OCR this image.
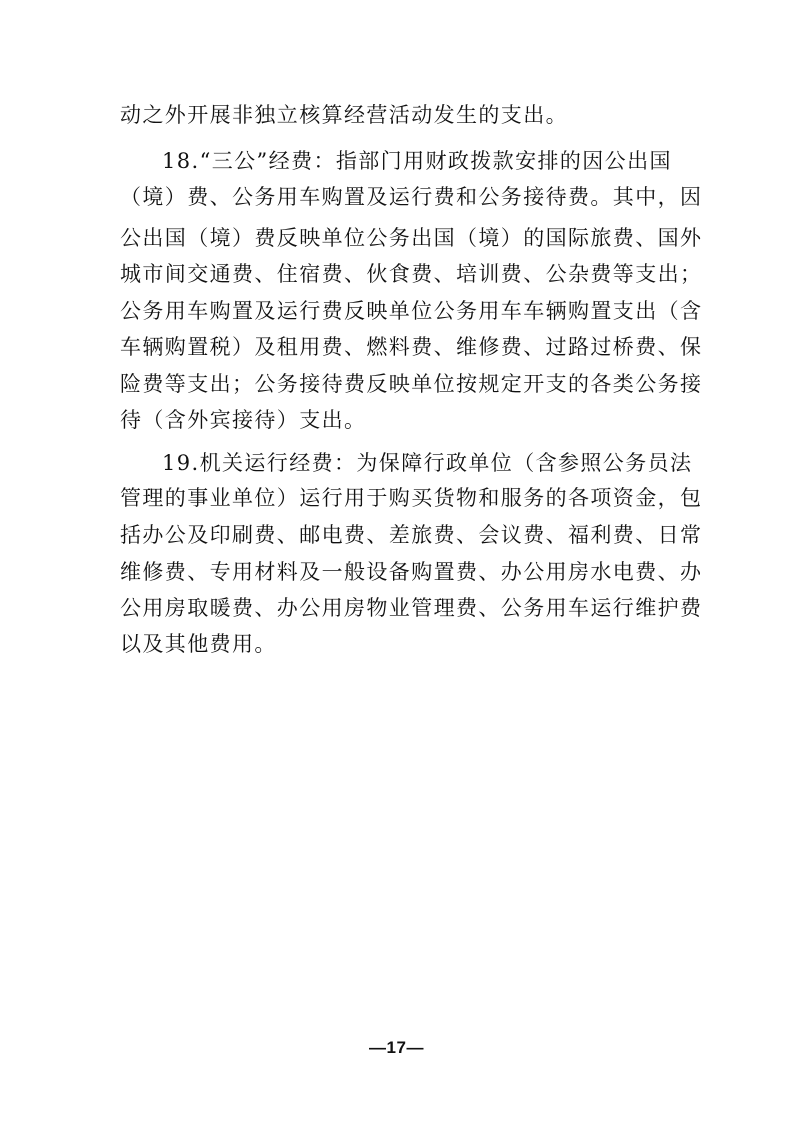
动之外开展非独立核算经营活动发生的支出。
18.“三公”经费：指部门用财政拨款安排的因公出国
（境）费、公务用车购置及运行费和公务接待费。其中，因
公出国（境）费反映单位公务出国（境）的国际旅费、国外
城市间交通费、住宿费、伙食费、培训费、公杂费等支出；
公务用车购置及运行费反映单位公务用车车辆购置支出（含
车辆购置税）及租用费、燃料费、维修费、过路过桥费、保
险费等支出；公务接待费反映单位按规定开支的各类公务接
待（含外宾接待）支出。
19.机关运行经费：为保障行政单位（含参照公务员法
管理的事业单位）运行用于购买货物和服务的各项资金，包
括办公及印刷费、邮电费、差旅费、会议费、福利费、日常
维修费、专用材料及一般设备购置费、办公用房水电费、办
公用房取暖费、办公用房物业管理费、公务用车运行维护费
以及其他费用。
—17—
